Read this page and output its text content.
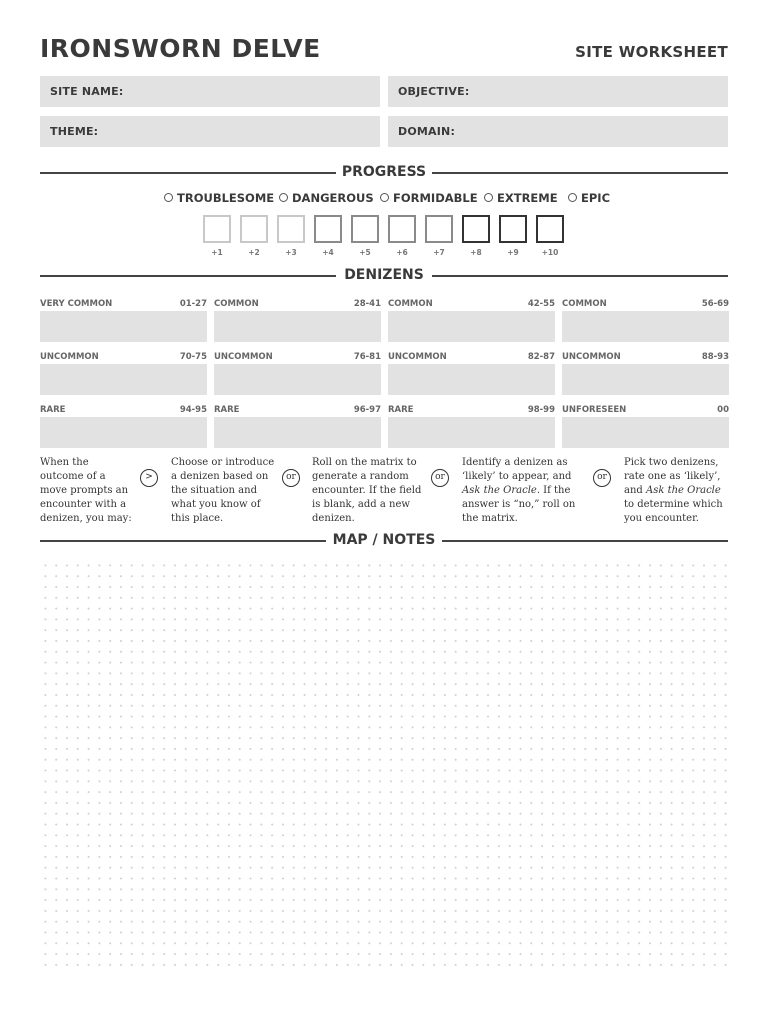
IRONSWORN DELVE	SITE WORKSHEET
SITE NAME:	OBJECTIVE:
THEME:	DOMAIN:
PROGRESS
TROUBLESOME	DANGEROUS	FORMIDABLE	EXTREME	EPIC
+1	+2	+3	+4	+5	+6	+7	+8	+9	+10
DENIZENS
VERY COMMON	01-27 COMMON	28-41 COMMON	42-55 COMMON	56-69
UNCOMMON	70-75 UNCOMMON	76-81 UNCOMMON	82-87 UNCOMMON	88-93
RARE	94-95 RARE	96-97 RARE	98-99 UNFORESEEN	00
When the outcome of a move prompts an encounter with a denizen, you may:
>
Choose or introduce a denizen based on the situation and what you know of this place.
or
Roll on the matrix to generate a random encounter. If the field is blank, add a new denizen.
or
Identify a denizen as ‘likely’ to appear, and Ask the Oracle. If the answer is “no,” roll on the matrix.
or
Pick two denizens, rate one as ‘likely’, and Ask the Oracle to determine which you encounter.
MAP / NOTES
